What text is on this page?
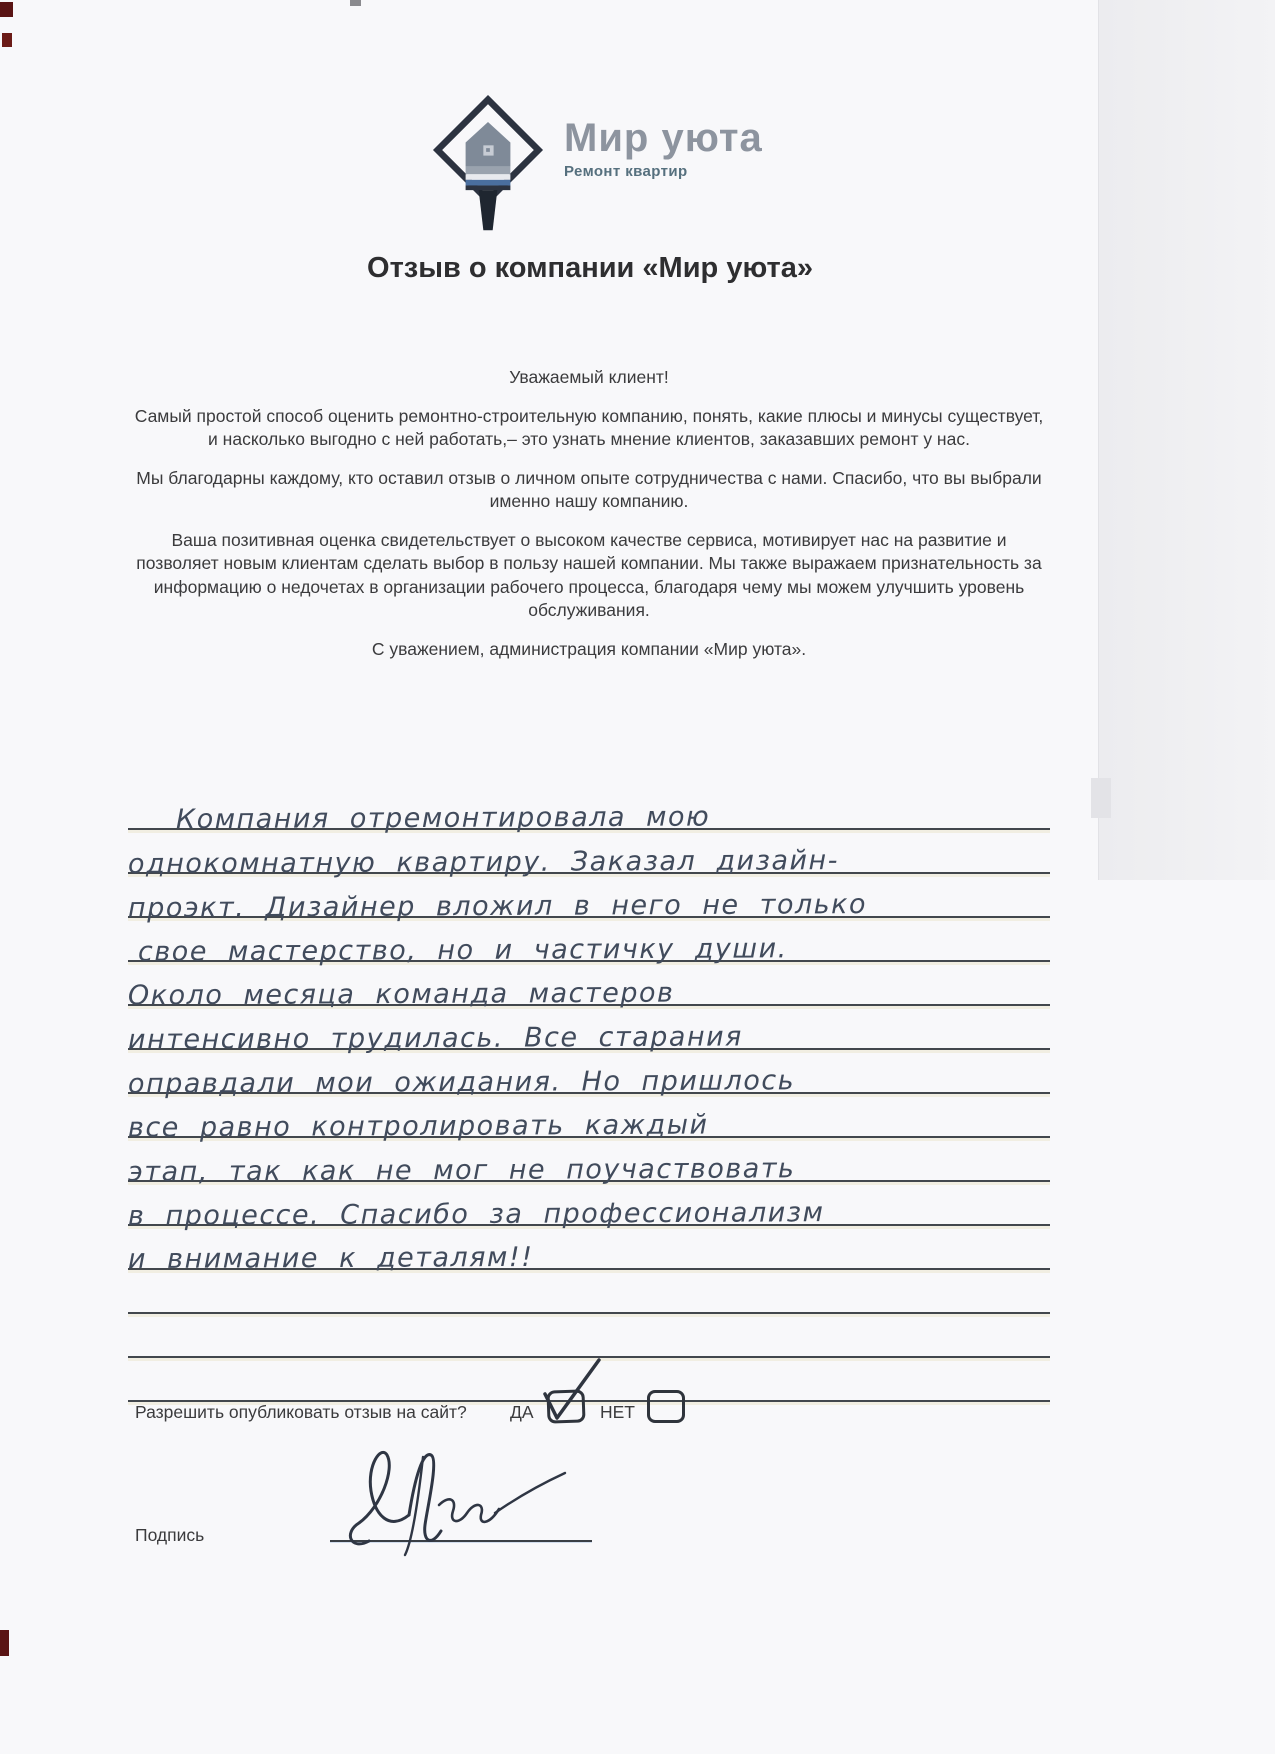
Мир уюта
Ремонт квартир
Отзыв о компании «Мир уюта»

Уважаемый клиент!

Самый простой способ оценить ремонтно-строительную компанию, понять, какие плюсы и минусы существует, и насколько выгодно с ней работать,– это узнать мнение клиентов, заказавших ремонт у нас.

Мы благодарны каждому, кто оставил отзыв о личном опыте сотрудничества с нами. Спасибо, что вы выбрали именно нашу компанию.

Ваша позитивная оценка свидетельствует о высоком качестве сервиса, мотивирует нас на развитие и позволяет новым клиентам сделать выбор в пользу нашей компании. Мы также выражаем признательность за информацию о недочетах в организации рабочего процесса, благодаря чему мы можем улучшить уровень обслуживания.

С уважением, администрация компании «Мир уюта».

Компания отремонтировала мою
однокомнатную квартиру. Заказал дизайн-
проэкт. Дизайнер вложил в него не только
свое мастерство, но и частичку души.
Около месяца команда мастеров
интенсивно трудилась. Все старания
оправдали мои ожидания. Но пришлось
все равно контролировать каждый
этап, так как не мог не поучаствовать
в процессе. Спасибо за профессионализм
и внимание к деталям!!
Разрешить опубликовать отзыв на сайт? ДА	НЕТ
Подпись
